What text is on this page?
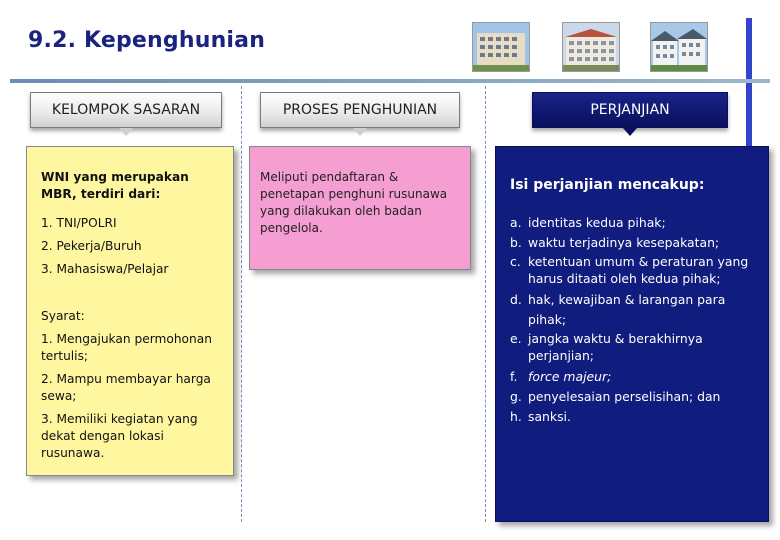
9.2. Kepenghunian
KELOMPOK SASARAN	PROSES PENGHUNIAN	PERJANJIAN

WNI yang merupakan MBR, terdiri dari:

1. TNI/POLRI

2. Pekerja/Buruh

3. Mahasiswa/Pelajar

Syarat:

1. Mengajukan permohonan tertulis;

2. Mampu membayar harga sewa;

3. Memiliki kegiatan yang dekat dengan lokasi rusunawa.

Meliputi pendaftaran & penetapan penghuni rusunawa yang dilakukan oleh badan pengelola.

Isi perjanjian mencakup:
a. identitas kedua pihak;
b. waktu terjadinya kesepakatan;
c. ketentuan umum & peraturan yang harus ditaati oleh kedua pihak;
d. hak, kewajiban & larangan para pihak;
e. jangka waktu & berakhirnya perjanjian;
f. force majeur;
g. penyelesaian perselisihan; dan
h. sanksi.
